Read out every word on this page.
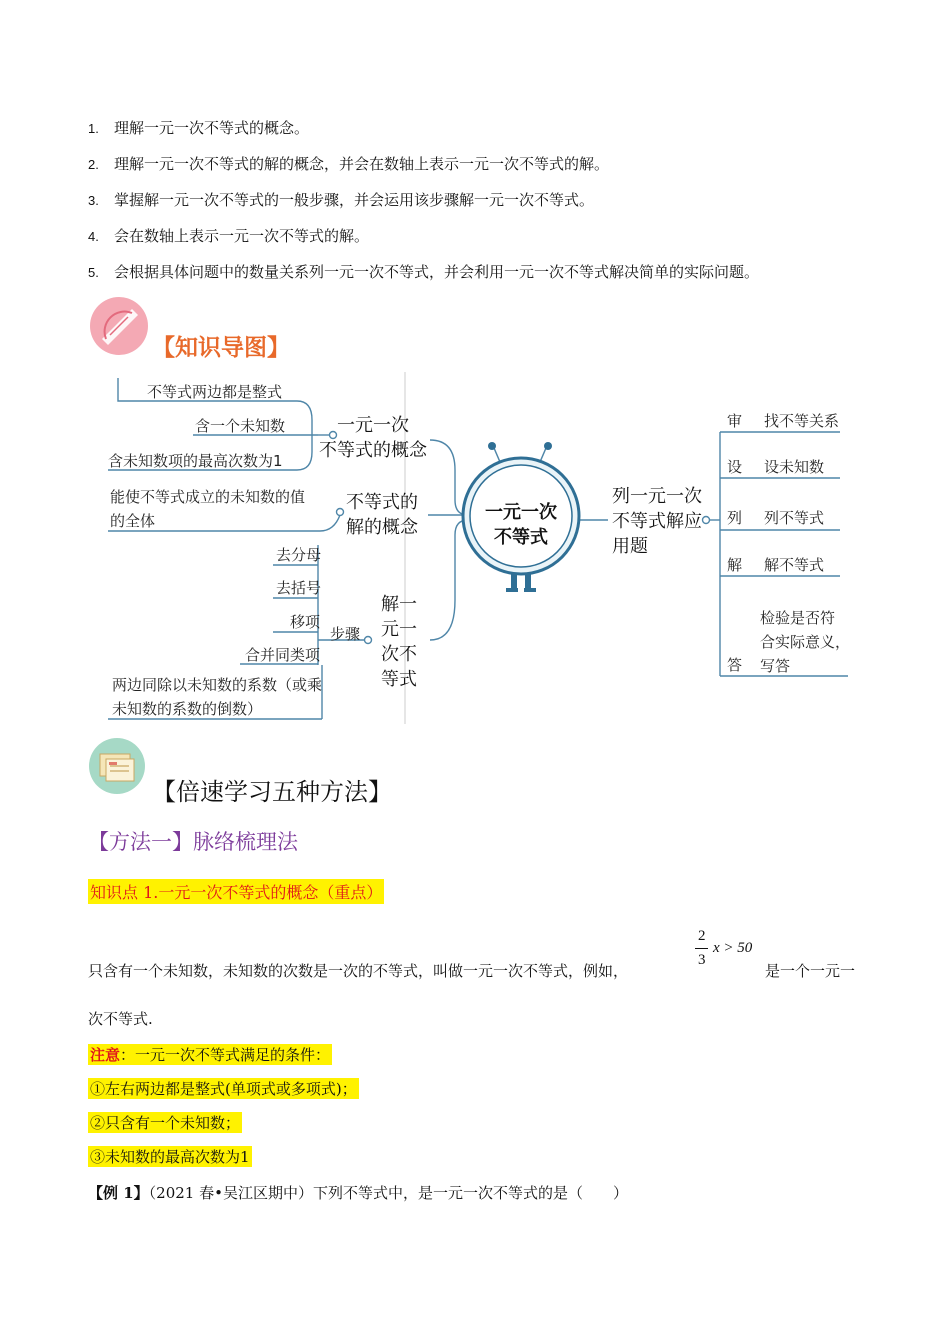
1. 理解一元一次不等式的概念。
2. 理解一元一次不等式的解的概念，并会在数轴上表示一元一次不等式的解。
3. 掌握解一元一次不等式的一般步骤，并会运用该步骤解一元一次不等式。
4. 会在数轴上表示一元一次不等式的解。
5. 会根据具体问题中的数量关系列一元一次不等式，并会利用一元一次不等式解决简单的实际问题。
【知识导图】
一元一次
不等式
不等式两边都是整式
含一个未知数
含未知数项的最高次数为1
一元一次
不等式的概念
能使不等式成立的未知数的值
的全体
不等式的
解的概念
去分母
去括号
移项
合并同类项
两边同除以未知数的系数（或乘
未知数的系数的倒数）
步骤
解一
元一
次不
等式
列一元一次
不等式解应
用题
审 找不等关系
设 设未知数
列 列不等式
解 解不等式
答
检验是否符
合实际意义，
写答
【倍速学习五种方法】
【方法一】脉络梳理法
知识点 1.一元一次不等式的概念（重点）
只含有一个未知数，未知数的次数是一次的不等式，叫做一元一次不等式，例如，
2
3
x > 50
是一个一元一
次不等式.
注意：一元一次不等式满足的条件：
①左右两边都是整式(单项式或多项式)；
②只含有一个未知数；
③未知数的最高次数为1
【例 1】（2021 春•吴江区期中）下列不等式中，是一元一次不等式的是（　　）
